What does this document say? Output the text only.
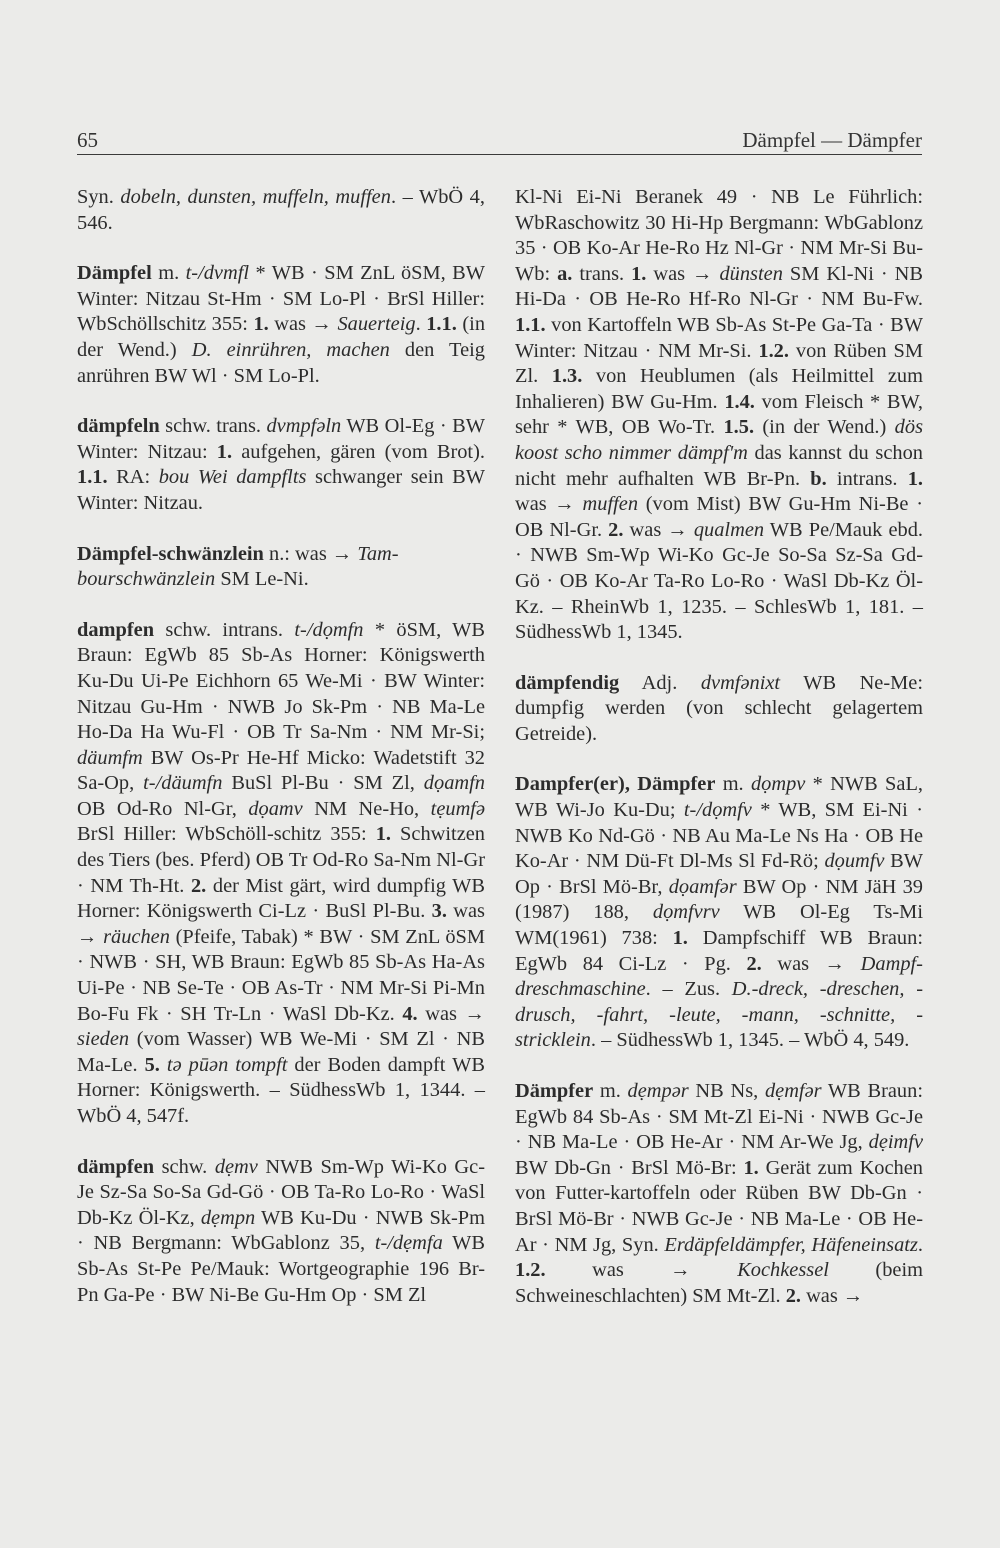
65	Dämpfel — Dämpfer

Syn. dobeln, dunsten, muffeln, muffen. – WbÖ 4, 546.

Dämpfel m. t-/dvmfl * WB · SM ZnL öSM, BW Winter: Nitzau St-Hm · SM Lo-Pl · BrSl Hiller: WbSchöllschitz 355: 1. was → Sauerteig. 1.1. (in der Wend.) D. einrühren, machen den Teig anrühren BW Wl · SM Lo-Pl.

dämpfeln schw. trans. dvmpfəln WB Ol-Eg · BW Winter: Nitzau: 1. aufgehen, gären (vom Brot). 1.1. RA: bou Wei dampflts schwanger sein BW Winter: Nitzau.

Dämpfel-schwänzlein n.: was → Tam-
bourschwänzlein SM Le-Ni.

dampfen schw. intrans. t-/dọmfn * öSM, WB Braun: EgWb 85 Sb-As Horner: Königswerth Ku-Du Ui-Pe Eichhorn 65 We-Mi · BW Winter: Nitzau Gu-Hm · NWB Jo Sk-Pm · NB Ma-Le Ho-Da Ha Wu-Fl · OB Tr Sa-Nm · NM Mr-Si; däumfm BW Os-Pr He-Hf Micko: Wadetstift 32 Sa-Op, t-/däumfn BuSl Pl-Bu · SM Zl, dọamfn OB Od-Ro Nl-Gr, dọamv NM Ne-Ho, tẹumfə BrSl Hiller: WbSchöll-schitz 355: 1. Schwitzen des Tiers (bes. Pferd) OB Tr Od-Ro Sa-Nm Nl-Gr · NM Th-Ht. 2. der Mist gärt, wird dumpfig WB Horner: Königswerth Ci-Lz · BuSl Pl-Bu. 3. was → räuchen (Pfeife, Tabak) * BW · SM ZnL öSM · NWB · SH, WB Braun: EgWb 85 Sb-As Ha-As Ui-Pe · NB Se-Te · OB As-Tr · NM Mr-Si Pi-Mn Bo-Fu Fk · SH Tr-Ln · WaSl Db-Kz. 4. was → sieden (vom Wasser) WB We-Mi · SM Zl · NB Ma-Le. 5. tə pūən tompft der Boden dampft WB Horner: Königswerth. – SüdhessWb 1, 1344. – WbÖ 4, 547f.

dämpfen schw. dẹmv NWB Sm-Wp Wi-Ko Gc-Je Sz-Sa So-Sa Gd-Gö · OB Ta-Ro Lo-Ro · WaSl Db-Kz Öl-Kz, dẹmpn WB Ku-Du · NWB Sk-Pm · NB Bergmann: WbGablonz 35, t-/dẹmfa WB Sb-As St-Pe Pe/Mauk: Wortgeographie 196 Br-Pn Ga-Pe · BW Ni-Be Gu-Hm Op · SM Zl

Kl-Ni Ei-Ni Beranek 49 · NB Le Führlich: WbRaschowitz 30 Hi-Hp Bergmann: WbGablonz 35 · OB Ko-Ar He-Ro Hz Nl-Gr · NM Mr-Si Bu-Wb: a. trans. 1. was → dünsten SM Kl-Ni · NB Hi-Da · OB He-Ro Hf-Ro Nl-Gr · NM Bu-Fw. 1.1. von Kartoffeln WB Sb-As St-Pe Ga-Ta · BW Winter: Nitzau · NM Mr-Si. 1.2. von Rüben SM Zl. 1.3. von Heublumen (als Heilmittel zum Inhalieren) BW Gu-Hm. 1.4. vom Fleisch * BW, sehr * WB, OB Wo-Tr. 1.5. (in der Wend.) dös koost scho nimmer dämpf'm das kannst du schon nicht mehr aufhalten WB Br-Pn. b. intrans. 1. was → muffen (vom Mist) BW Gu-Hm Ni-Be · OB Nl-Gr. 2. was → qualmen WB Pe/Mauk ebd. · NWB Sm-Wp Wi-Ko Gc-Je So-Sa Sz-Sa Gd-Gö · OB Ko-Ar Ta-Ro Lo-Ro · WaSl Db-Kz Öl-Kz. – RheinWb 1, 1235. – SchlesWb 1, 181. – SüdhessWb 1, 1345.

dämpfendig Adj. dvmfənixt WB Ne-Me: dumpfig werden (von schlecht gelagertem Getreide).

Dampfer(er), Dämpfer m. dọmpv * NWB SaL, WB Wi-Jo Ku-Du; t-/dọmfv * WB, SM Ei-Ni · NWB Ko Nd-Gö · NB Au Ma-Le Ns Ha · OB He Ko-Ar · NM Dü-Ft Dl-Ms Sl Fd-Rö; dọumfv BW Op · BrSl Mö-Br, dọamfər BW Op · NM JäH 39 (1987) 188, dọmfvrv WB Ol-Eg Ts-Mi WM(1961) 738: 1. Dampfschiff WB Braun: EgWb 84 Ci-Lz · Pg. 2. was → Dampf-dreschmaschine. – Zus. D.-dreck, -dreschen, -drusch, -fahrt, -leute, -mann, -schnitte, -stricklein. – SüdhessWb 1, 1345. – WbÖ 4, 549.

Dämpfer m. dẹmpər NB Ns, dẹmfər WB Braun: EgWb 84 Sb-As · SM Mt-Zl Ei-Ni · NWB Gc-Je · NB Ma-Le · OB He-Ar · NM Ar-We Jg, dẹimfv BW Db-Gn · BrSl Mö-Br: 1. Gerät zum Kochen von Futter-kartoffeln oder Rüben BW Db-Gn · BrSl Mö-Br · NWB Gc-Je · NB Ma-Le · OB He-Ar · NM Jg, Syn. Erdäpfeldämpfer, Häfeneinsatz. 1.2. was → Kochkessel (beim Schweineschlachten) SM Mt-Zl. 2. was →
